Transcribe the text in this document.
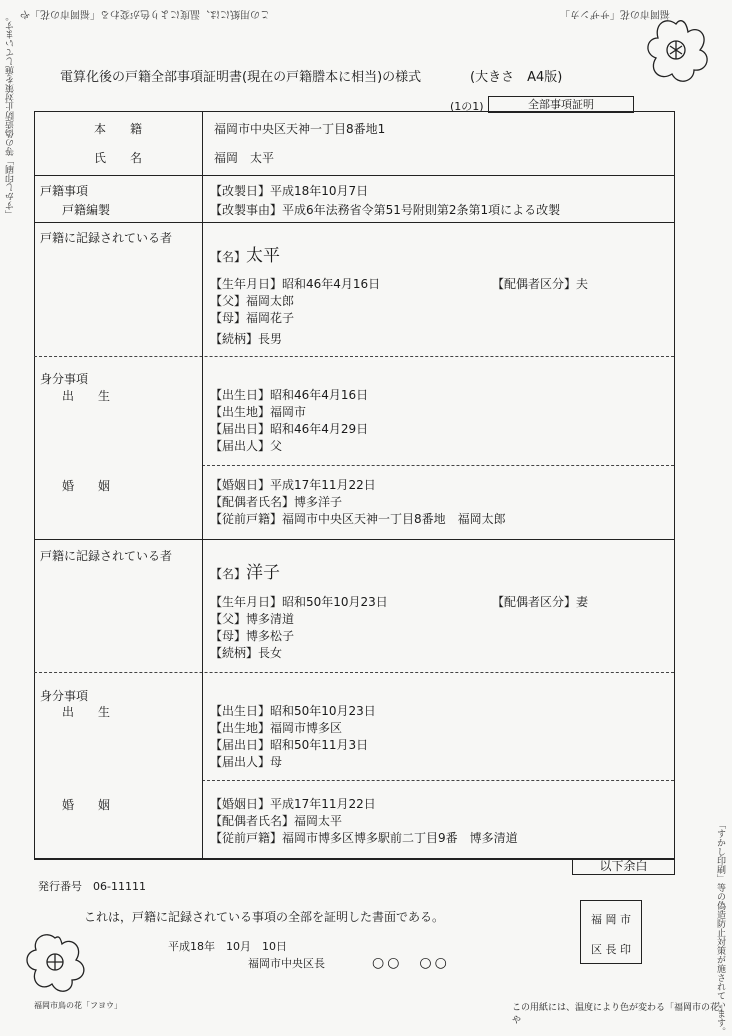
この用紙には、温度により色が変わる「福岡市の花」や	福岡市の花「サザンカ」
「すかし印刷」等の偽造防止対策を施しています。
「すかし印刷」等の偽造防止対策が施されています。
電算化後の戸籍全部事項証明書(現在の戸籍謄本に相当)の様式	(大きさ　A4版)
(1の1)	全部事項証明
以下余白
本　　籍	福岡市中央区天神一丁目8番地1
氏　　名	福岡　太平
戸籍事項
戸籍編製
【改製日】平成18年10月7日
【改製事由】平成6年法務省令第51号附則第2条第1項による改製
戸籍に記録されている者
【名】太平
【生年月日】昭和46年4月16日	【配偶者区分】夫
【父】福岡太郎
【母】福岡花子
【続柄】長男
身分事項
出　　生	【出生日】昭和46年4月16日
【出生地】福岡市
【届出日】昭和46年4月29日
【届出人】父
婚　　姻	【婚姻日】平成17年11月22日
【配偶者氏名】博多洋子
【従前戸籍】福岡市中央区天神一丁目8番地　福岡太郎
戸籍に記録されている者
【名】洋子
【生年月日】昭和50年10月23日	【配偶者区分】妻
【父】博多清道
【母】博多松子
【続柄】長女
身分事項
出　　生	【出生日】昭和50年10月23日
【出生地】福岡市博多区
【届出日】昭和50年11月3日
【届出人】母
婚　　姻	【婚姻日】平成17年11月22日
【配偶者氏名】福岡太平
【従前戸籍】福岡市博多区博多駅前二丁目9番　博多清道
発行番号　06-11111
これは，戸籍に記録されている事項の全部を証明した書面である。
平成18年　10月　10日
福岡市中央区長	○○　○○
福 岡 市
区 長 印
福岡市鳥の花「フヨウ」	この用紙には、温度により色が変わる「福岡市の花」や
